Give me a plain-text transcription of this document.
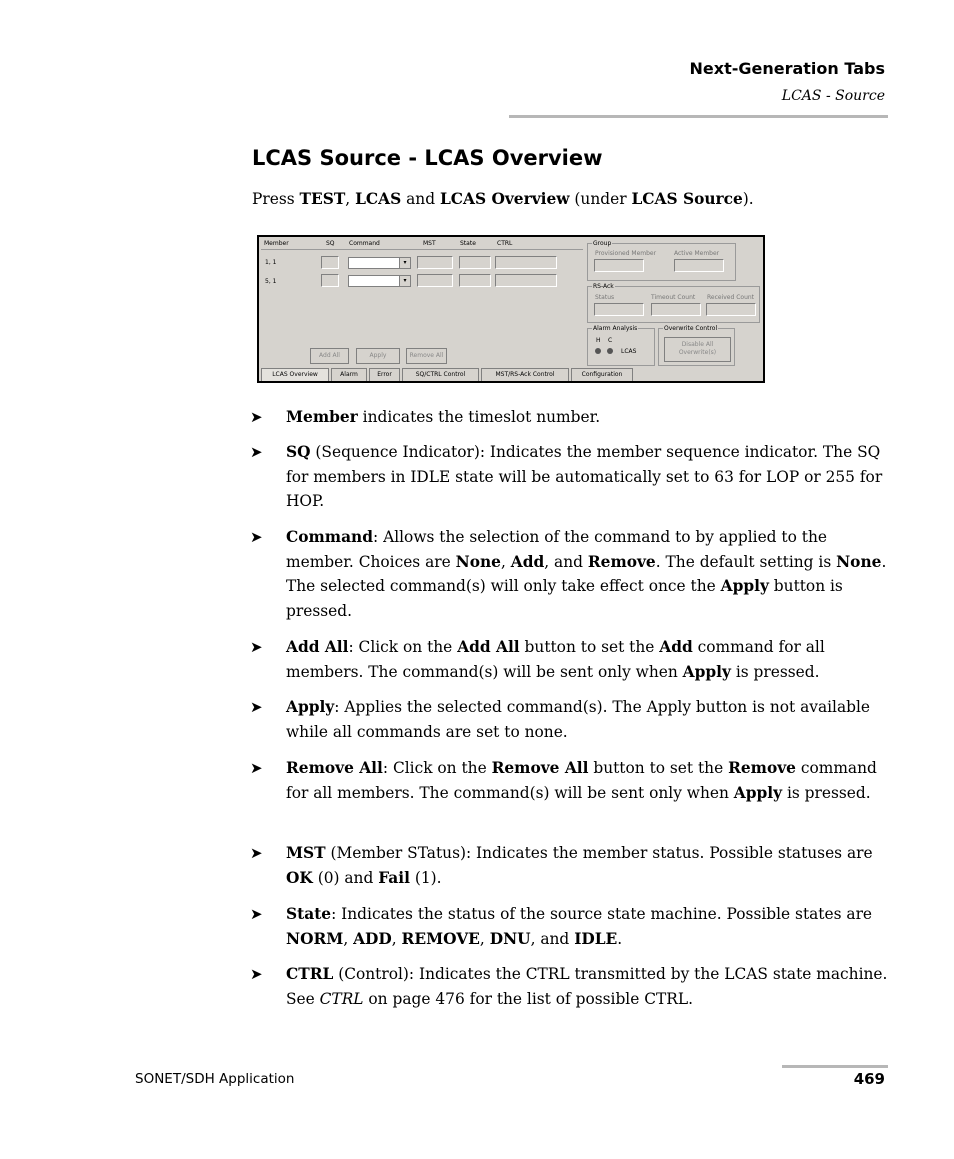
Next-Generation Tabs
LCAS - Source
LCAS Source - LCAS Overview
Press TEST, LCAS and LCAS Overview (under LCAS Source).
Member	SQ Command	MST	State	CTRL
1, 1	▾
5, 1	▾
Add All	Apply	Remove All
Group
Provisioned Member	Active Member
RS-Ack
Status	Timeout Count Received Count
Alarm Analysis
H C
LCAS
Overwrite Control
Disable All
Overwrite(s)
LCAS Overview	Alarm	Error	SQ/CTRL Control	MST/RS-Ack Control	Configuration
➤ Member indicates the timeslot number.
➤ SQ (Sequence Indicator): Indicates the member sequence indicator. The SQ for members in IDLE state will be automatically set to 63 for LOP or 255 for HOP.
➤ Command: Allows the selection of the command to by applied to the member. Choices are None, Add, and Remove. The default setting is None. The selected command(s) will only take effect once the Apply button is pressed.
➤ Add All: Click on the Add All button to set the Add command for all members. The command(s) will be sent only when Apply is pressed.
➤ Apply: Applies the selected command(s). The Apply button is not available while all commands are set to none.
➤ Remove All: Click on the Remove All button to set the Remove command for all members. The command(s) will be sent only when Apply is pressed.
➤ MST (Member STatus): Indicates the member status. Possible statuses are OK (0) and Fail (1).
➤ State: Indicates the status of the source state machine. Possible states are NORM, ADD, REMOVE, DNU, and IDLE.
➤ CTRL (Control): Indicates the CTRL transmitted by the LCAS state machine. See CTRL on page 476 for the list of possible CTRL.
SONET/SDH Application	469
